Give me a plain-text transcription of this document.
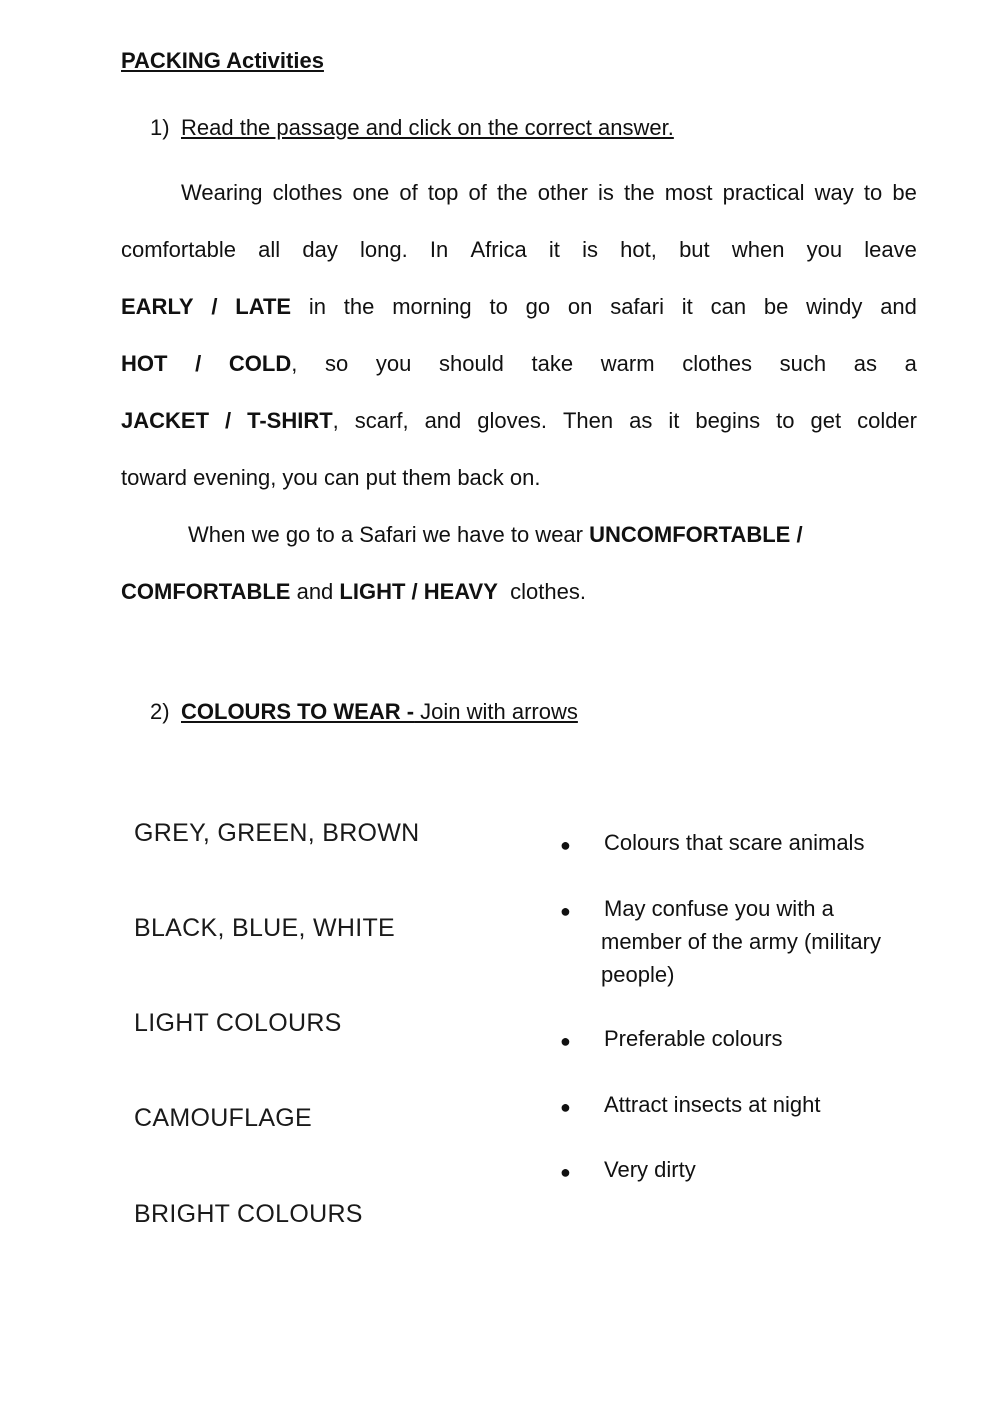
PACKING Activities
1) Read the passage and click on the correct answer.
Wearing clothes one of top of the other is the most practical way to be
comfortable all day long. In Africa it is hot, but when you leave
EARLY / LATE in the morning to go on safari it can be windy and
HOT / COLD, so you should take warm clothes such as a
JACKET / T-SHIRT, scarf, and gloves. Then as it begins to get colder
toward evening, you can put them back on.
When we go to a Safari we have to wear UNCOMFORTABLE /
COMFORTABLE and LIGHT / HEAVY  clothes.
2) COLOURS TO WEAR - Join with arrows
GREY, GREEN, BROWN
BLACK, BLUE, WHITE
LIGHT COLOURS
CAMOUFLAGE
BRIGHT COLOURS
● Colours that scare animals
● May confuse you with a
member of the army (military
people)
● Preferable colours
● Attract insects at night
● Very dirty
